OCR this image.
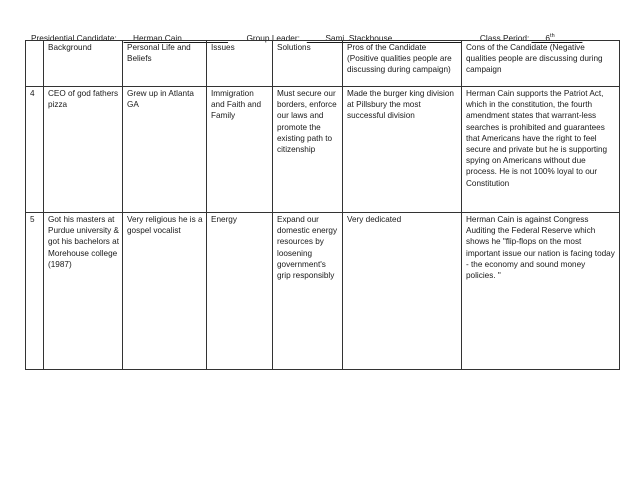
Presidential Candidate: __Herman Cain__________ Group Leader: ____Sami  Stackhouse_______________ Class Period: ___6th______
	Background	Personal Life and Beliefs	Issues	Solutions	Pros of the Candidate (Positive qualities people are discussing during campaign)	Cons of the Candidate (Negative qualities people are discussing during campaign
4	CEO of god fathers pizza	Grew up in Atlanta GA	Immigration and Faith and Family	Must secure our borders, enforce our laws and promote the existing path to citizenship	Made the burger king division at Pillsbury the most successful division	Herman Cain supports the Patriot Act, which in the constitution, the fourth amendment states that warrant-less searches is prohibited and guarantees that Americans have the right to feel secure and private but he is supporting spying on Americans without due process. He is not 100% loyal to our Constitution
5	Got his masters at Purdue university & got his bachelors at Morehouse college (1987)	Very religious he is a gospel vocalist	Energy	Expand our domestic energy resources by loosening government's grip responsibly	Very dedicated	Herman Cain is against Congress Auditing the Federal Reserve which shows he "flip-flops on the most important issue our nation is facing today - the economy and sound money policies. "
